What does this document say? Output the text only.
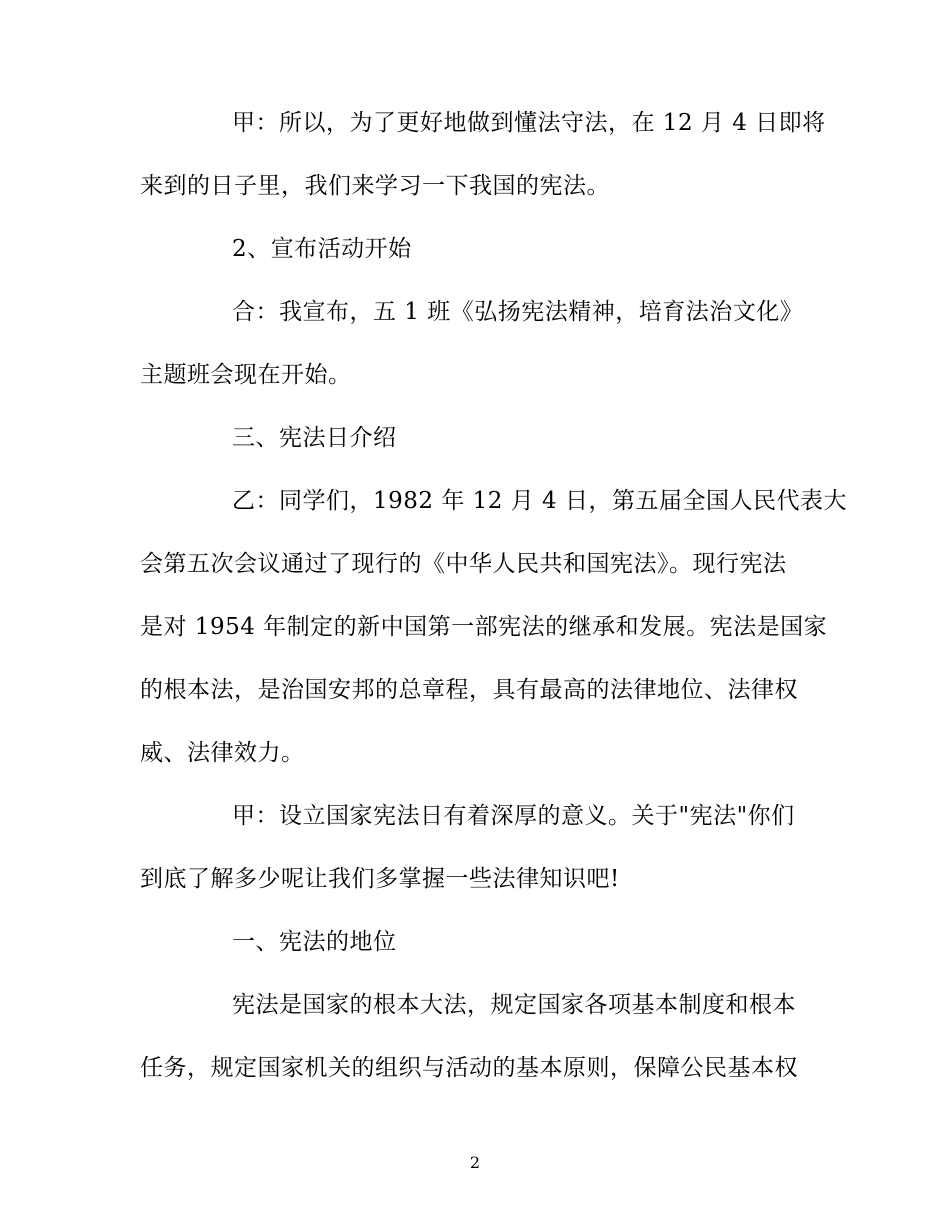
甲：所以，为了更好地做到懂法守法，在 12 月 4 日即将
来到的日子里，我们来学习一下我国的宪法。
2、宣布活动开始
合：我宣布，五 1 班《弘扬宪法精神，培育法治文化》
主题班会现在开始。
三、宪法日介绍
乙：同学们，1982 年 12 月 4 日，第五届全国人民代表大
会第五次会议通过了现行的《中华人民共和国宪法》。现行宪法
是对 1954 年制定的新中国第一部宪法的继承和发展。宪法是国家
的根本法，是治国安邦的总章程，具有最高的法律地位、法律权
威、法律效力。
甲：设立国家宪法日有着深厚的意义。关于"宪法"你们
到底了解多少呢让我们多掌握一些法律知识吧!
一、宪法的地位
宪法是国家的根本大法，规定国家各项基本制度和根本
任务，规定国家机关的组织与活动的基本原则，保障公民基本权
2
